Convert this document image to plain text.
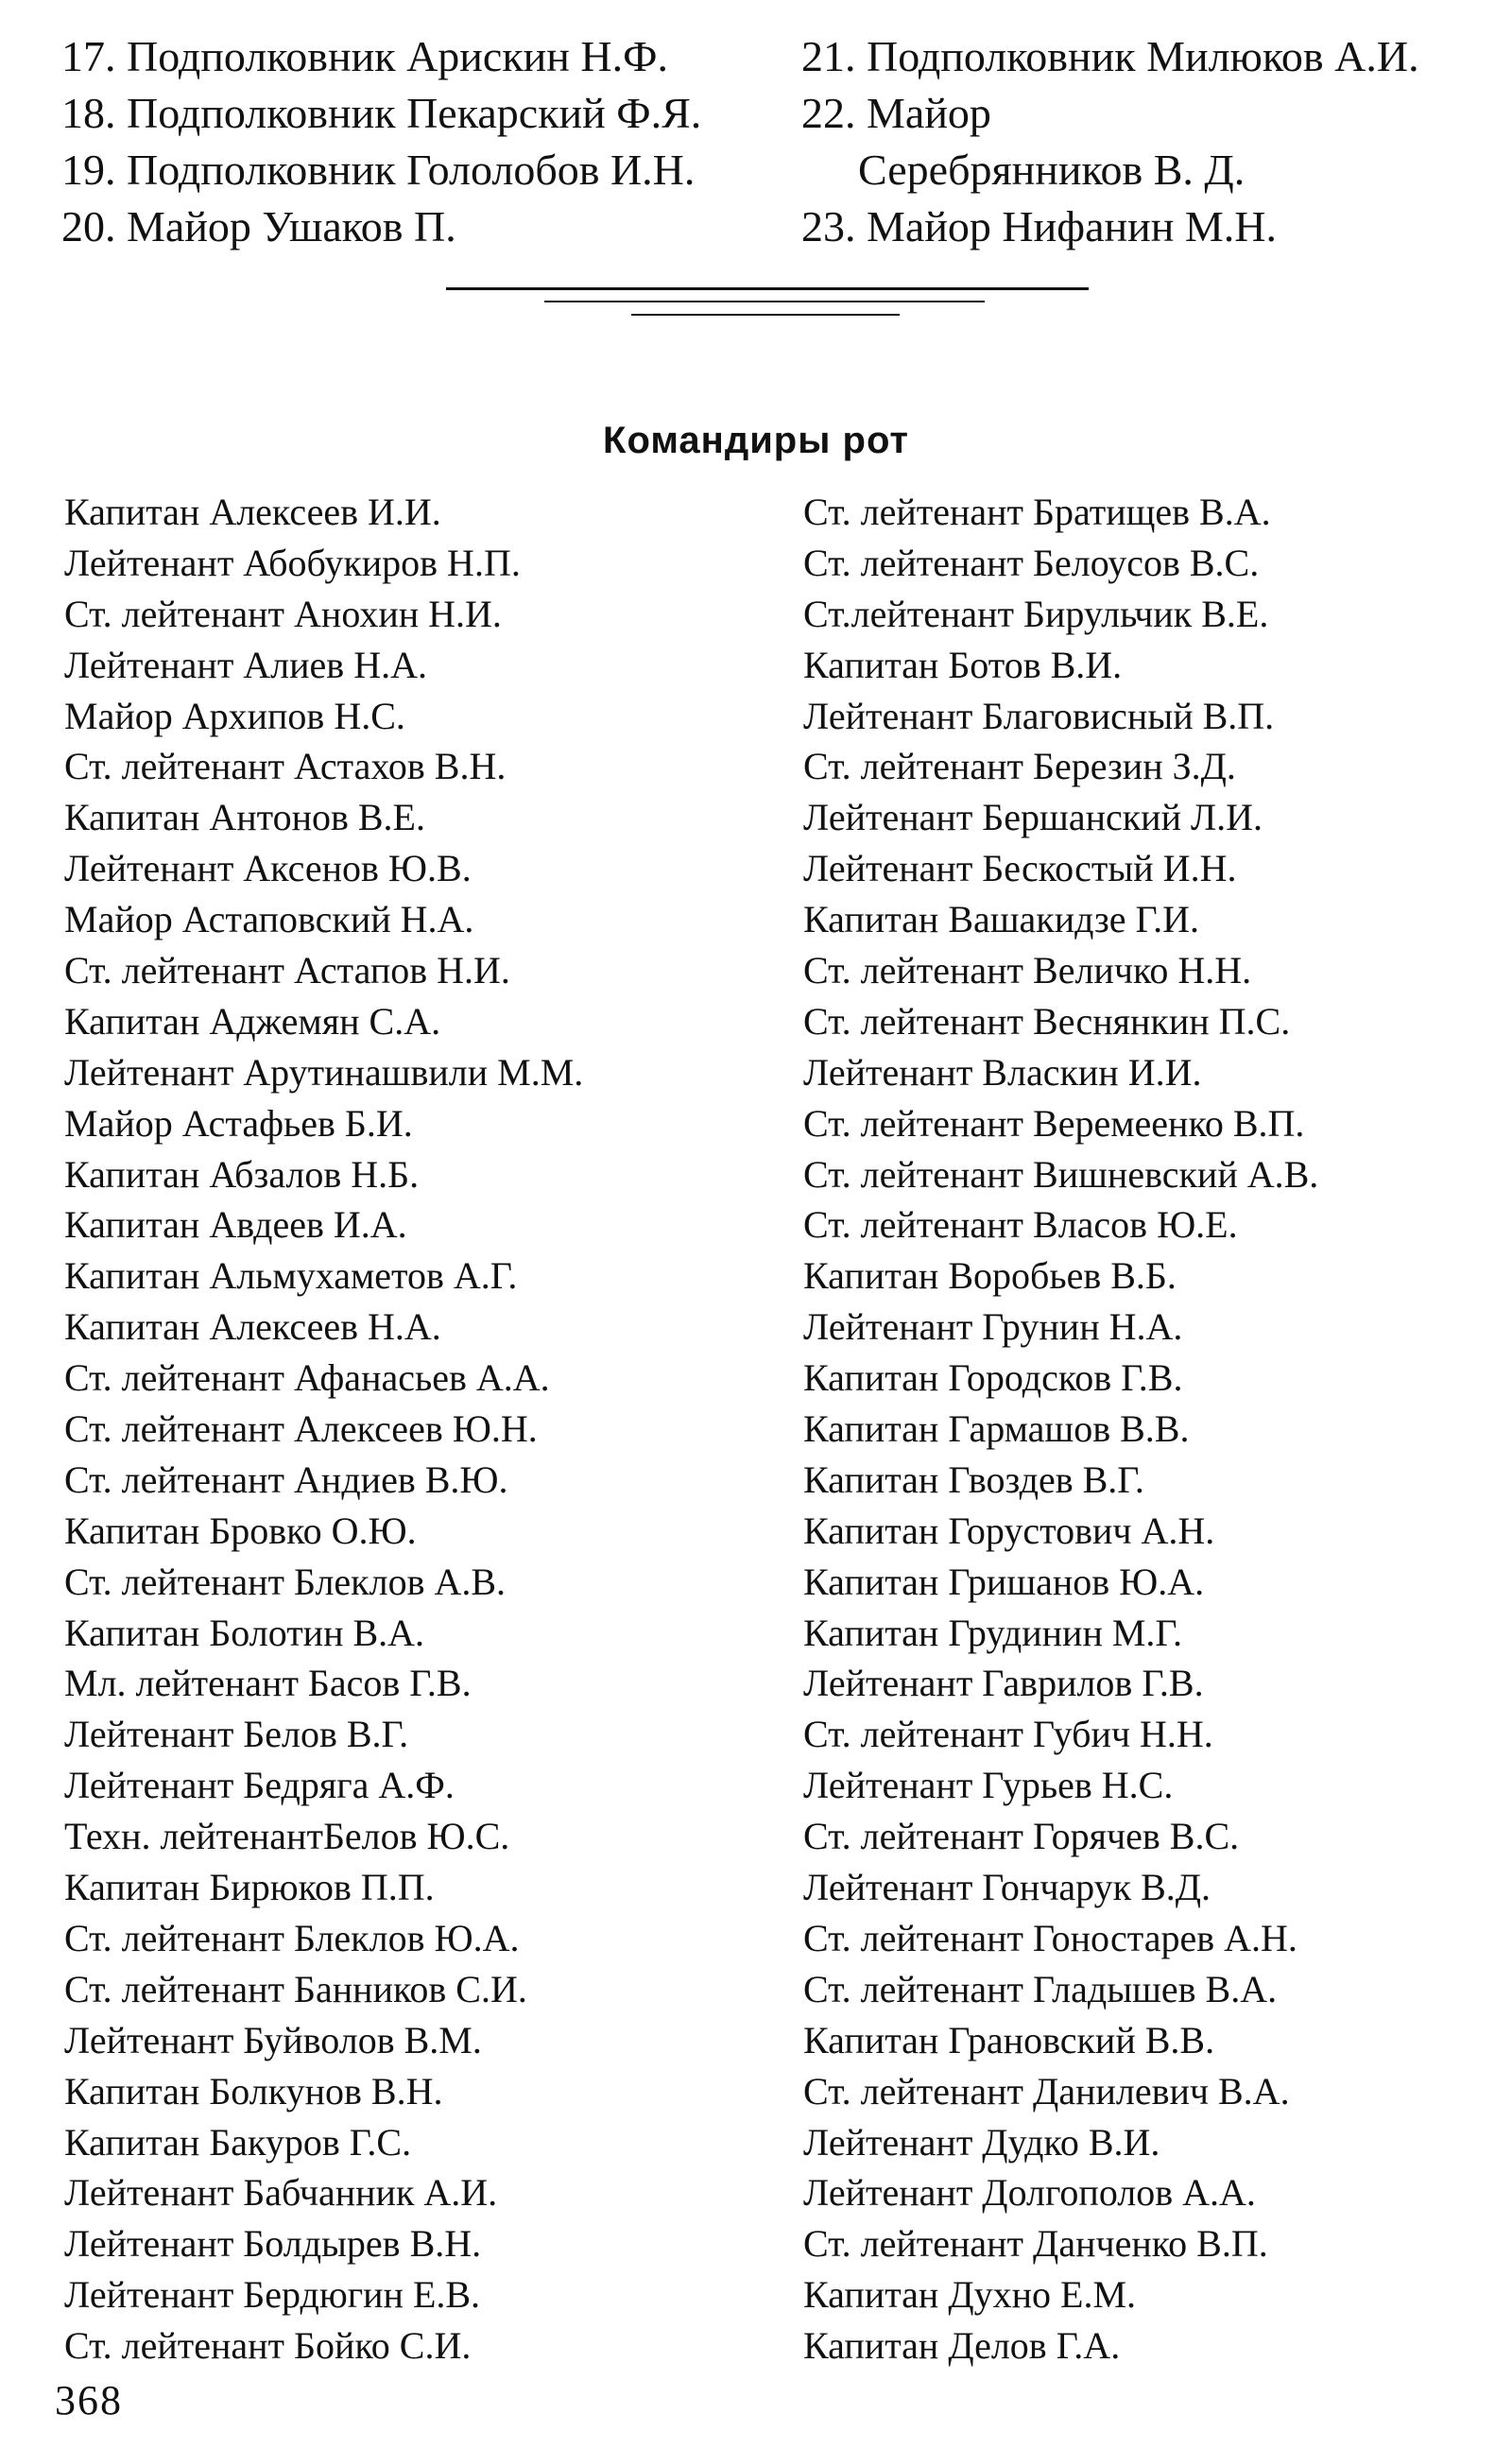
17. Подполковник Арискин Н.Ф.
18. Подполковник Пекарский Ф.Я.
19. Подполковник Гололобов И.Н.
20. Майор Ушаков П.
21. Подполковник Милюков А.И.
22. Майор
Серебрянников В. Д.
23. Майор Нифанин М.Н.
Командиры рот
Капитан Алексеев И.И.
Лейтенант Абобукиров Н.П.
Ст. лейтенант Анохин Н.И.
Лейтенант Алиев Н.А.
Майор Архипов Н.С.
Ст. лейтенант Астахов В.Н.
Капитан Антонов В.Е.
Лейтенант Аксенов Ю.В.
Майор Астаповский Н.А.
Ст. лейтенант Астапов Н.И.
Капитан Аджемян С.А.
Лейтенант Арутинашвили М.М.
Майор Астафьев Б.И.
Капитан Абзалов Н.Б.
Капитан Авдеев И.А.
Капитан Альмухаметов А.Г.
Капитан Алексеев Н.А.
Ст. лейтенант Афанасьев А.А.
Ст. лейтенант Алексеев Ю.Н.
Ст. лейтенант Андиев В.Ю.
Капитан Бровко О.Ю.
Ст. лейтенант Блеклов А.В.
Капитан Болотин В.А.
Мл. лейтенант Басов Г.В.
Лейтенант Белов В.Г.
Лейтенант Бедряга А.Ф.
Техн. лейтенантБелов Ю.С.
Капитан Бирюков П.П.
Ст. лейтенант Блеклов Ю.А.
Ст. лейтенант Банников С.И.
Лейтенант Буйволов В.М.
Капитан Болкунов В.Н.
Капитан Бакуров Г.С.
Лейтенант Бабчанник А.И.
Лейтенант Болдырев В.Н.
Лейтенант Бердюгин Е.В.
Ст. лейтенант Бойко С.И.
Ст. лейтенант Братищев В.А.
Ст. лейтенант Белоусов В.С.
Ст.лейтенант Бирульчик В.Е.
Капитан Ботов В.И.
Лейтенант Благовисный В.П.
Ст. лейтенант Березин З.Д.
Лейтенант Бершанский Л.И.
Лейтенант Бескостый И.Н.
Капитан Вашакидзе Г.И.
Ст. лейтенант Величко Н.Н.
Ст. лейтенант Веснянкин П.С.
Лейтенант Власкин И.И.
Ст. лейтенант Веремеенко В.П.
Ст. лейтенант Вишневский А.В.
Ст. лейтенант Власов Ю.Е.
Капитан Воробьев В.Б.
Лейтенант Грунин Н.А.
Капитан Городсков Г.В.
Капитан Гармашов В.В.
Капитан Гвоздев В.Г.
Капитан Горустович А.Н.
Капитан Гришанов Ю.А.
Капитан Грудинин М.Г.
Лейтенант Гаврилов Г.В.
Ст. лейтенант Губич Н.Н.
Лейтенант Гурьев Н.С.
Ст. лейтенант Горячев В.С.
Лейтенант Гончарук В.Д.
Ст. лейтенант Гоностарев А.Н.
Ст. лейтенант Гладышев В.А.
Капитан Грановский В.В.
Ст. лейтенант Данилевич В.А.
Лейтенант Дудко В.И.
Лейтенант Долгополов А.А.
Ст. лейтенант Данченко В.П.
Капитан Духно Е.М.
Капитан Делов Г.А.
368
